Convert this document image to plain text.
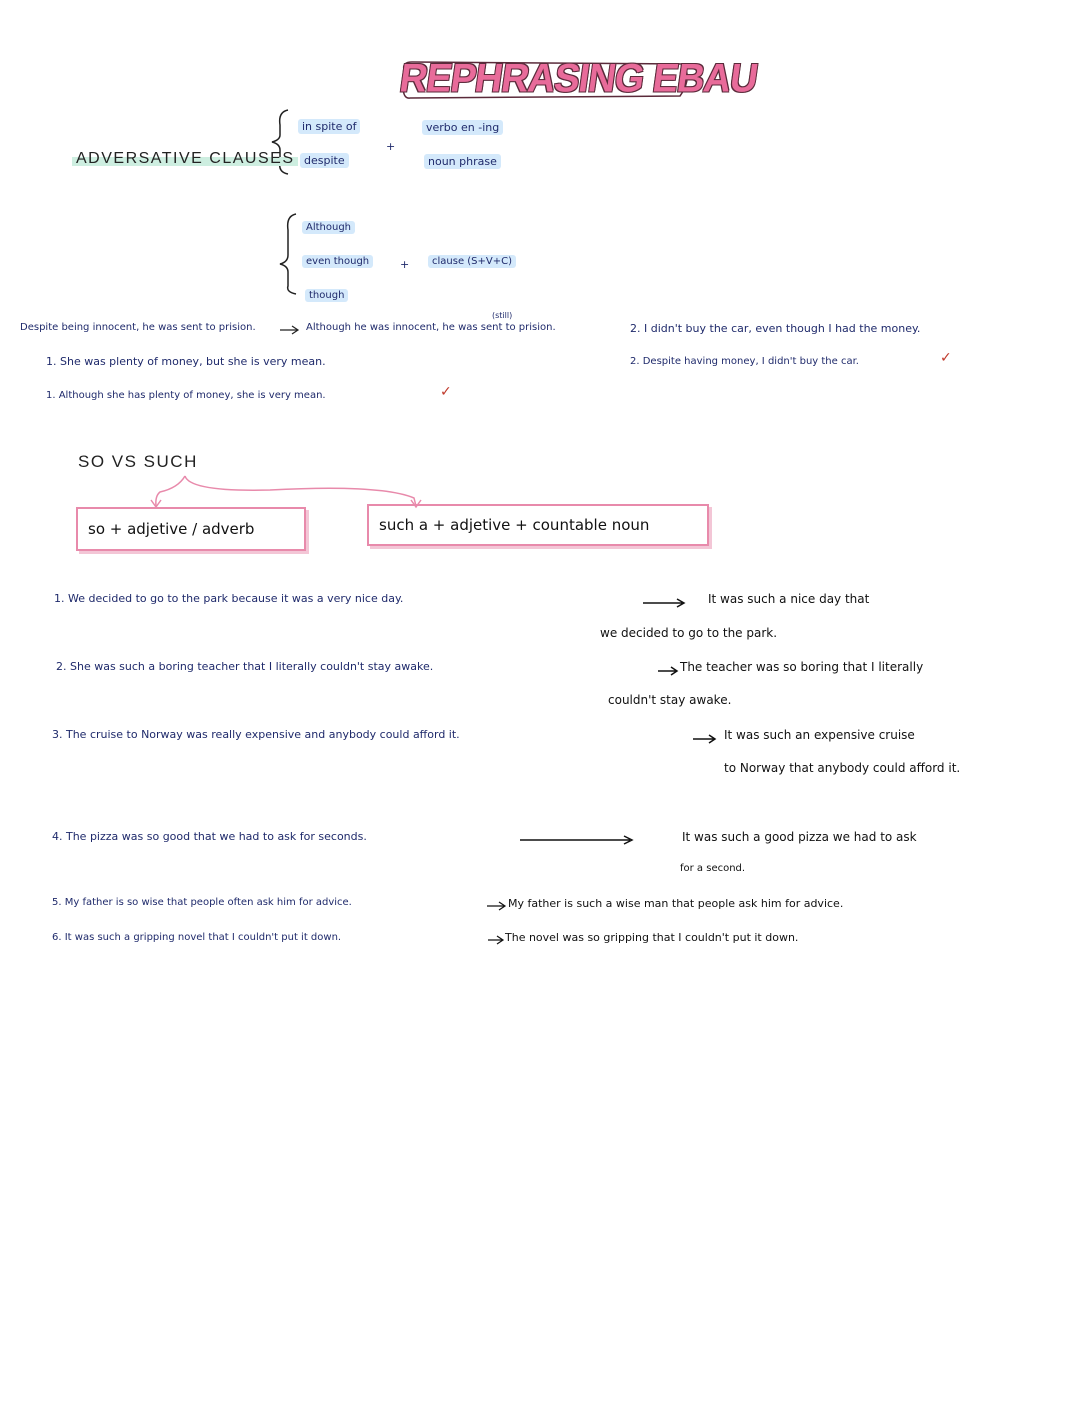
REPHRASING EBAU
ADVERSATIVE CLAUSES
in spite of
despite
+
verbo en -ing
noun phrase
Although
even though
though
+	clause (S+V+C)
(still)
Despite being innocent, he was sent to prision.	Although he was innocent, he was sent to prision.
1. She was plenty of money, but she is very mean.
1. Although she has plenty of money, she is very mean.	✓
2. I didn't buy the car, even though I had the money.
2. Despite having money, I didn't buy the car.	✓
SO VS SUCH
so + adjetive / adverb	such a + adjetive + countable noun
1. We decided to go to the park because it was a very nice day.	It was such a nice day that
we decided to go to the park.
2. She was such a boring teacher that I literally couldn't stay awake.	The teacher was so boring that I literally
couldn't stay awake.
3. The cruise to Norway was really expensive and anybody could afford it.	It was such an expensive cruise
to Norway that anybody could afford it.
4. The pizza was so good that we had to ask for seconds.	It was such a good pizza we had to ask
for a second.
5. My father is so wise that people often ask him for advice.	My father is such a wise man that people ask him for advice.
6. It was such a gripping novel that I couldn't put it down.	The novel was so gripping that I couldn't put it down.
